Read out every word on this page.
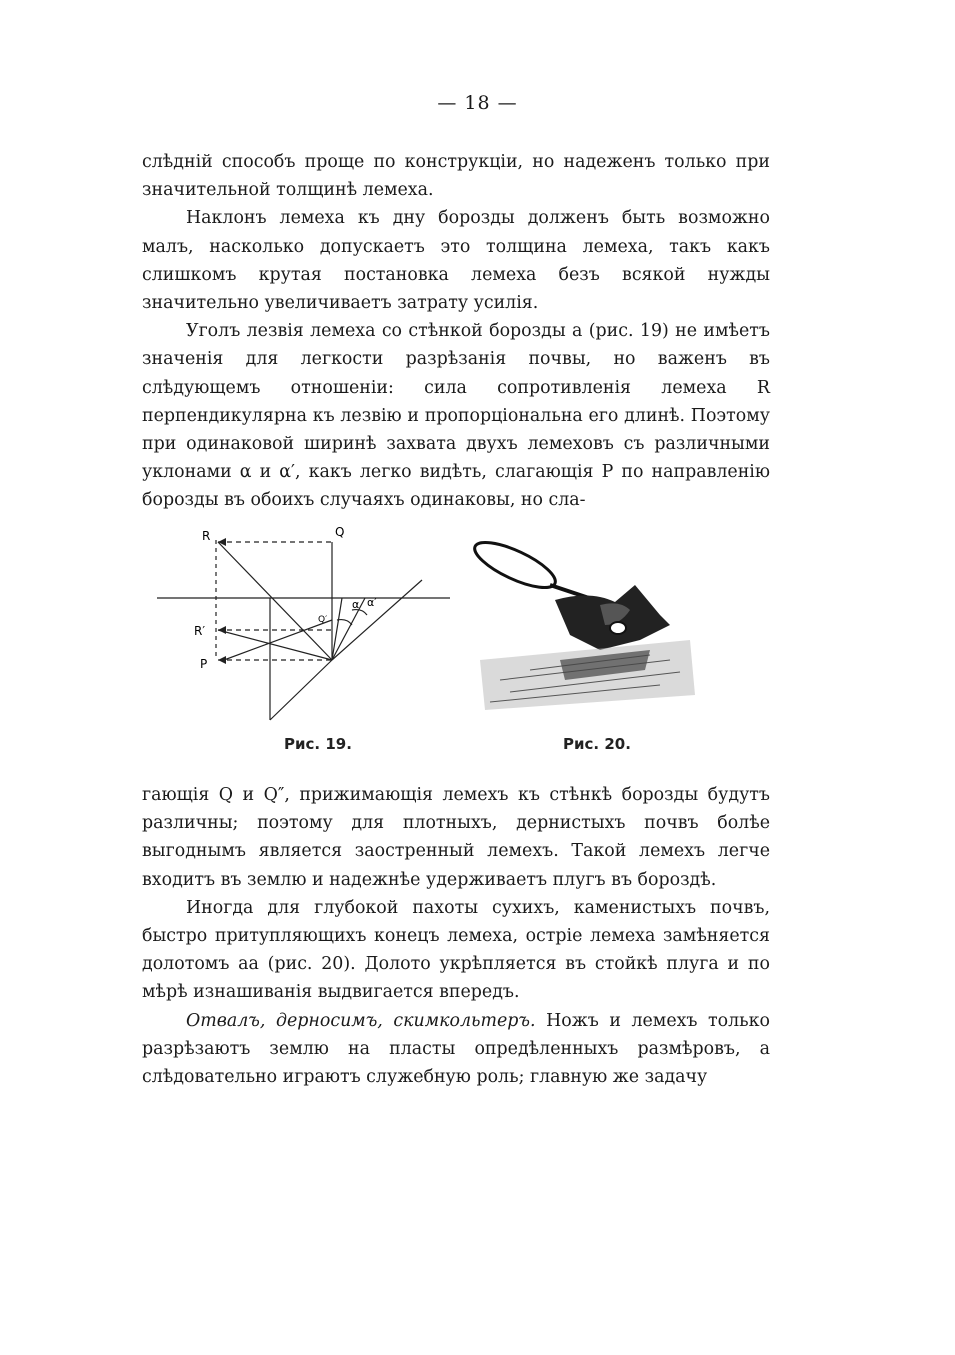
— 18 —

слѣдній способъ проще по конструкціи, но надеженъ только при значительной толщинѣ лемеха.

Наклонъ лемеха къ дну борозды долженъ быть возможно малъ, насколько допускаетъ это толщина лемеха, такъ какъ слишкомъ крутая постановка лемеха безъ всякой нужды значительно увеличиваетъ затрату усилія.

Уголъ лезвія лемеха со стѣнкой борозды a (рис. 19) не имѣетъ значенія для легкости разрѣзанія почвы, но важенъ въ слѣдующемъ отношеніи: сила сопротивленія лемеха R перпендикулярна къ лезвію и пропорціональна его длинѣ. Поэтому при одинаковой ширинѣ захвата двухъ лемеховъ съ различными уклонами α и α′, какъ легко видѣть, слагающія P по направленію борозды въ обоихъ случаяхъ одинаковы, но сла-

R	Q
R′
P
α α′
Q′
Рис. 19.	Рис. 20.

гающія Q и Q″, прижимающія лемехъ къ стѣнкѣ борозды будутъ различны; поэтому для плотныхъ, дернистыхъ почвъ болѣе выгоднымъ является заостренный лемехъ. Такой лемехъ легче входитъ въ землю и надежнѣе удерживаетъ плугъ въ бороздѣ.

Иногда для глубокой пахоты сухихъ, каменистыхъ почвъ, быстро притупляющихъ конецъ лемеха, остріе лемеха замѣняется долотомъ aa (рис. 20). Долото укрѣпляется въ стойкѣ плуга и по мѣрѣ изнашиванія выдвигается впередъ.

Отвалъ, дерносимъ, скимкольтеръ. Ножъ и лемехъ только разрѣзаютъ землю на пласты опредѣленныхъ размѣровъ, а слѣдовательно играютъ служебную роль; главную же задачу
